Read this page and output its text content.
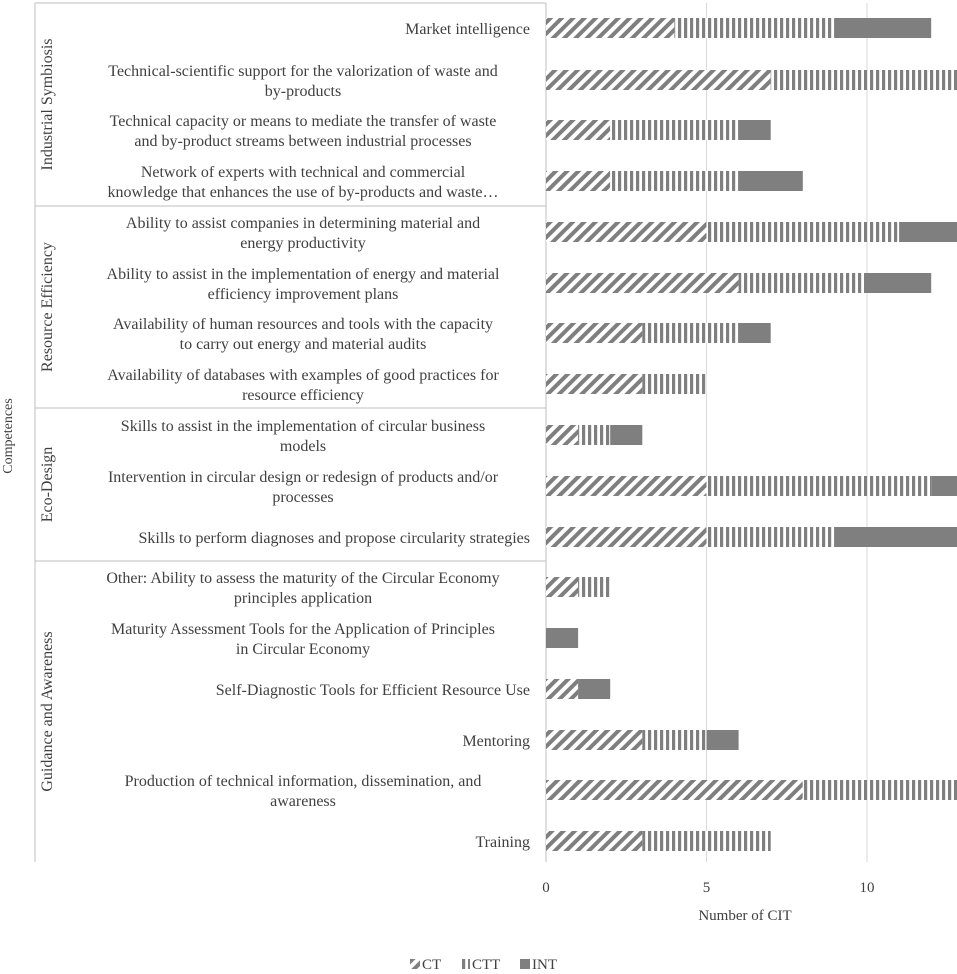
Market intelligence
Technical-scientific support for the valorization of waste and by-products
Technical capacity or means to mediate the transfer of waste and by-product streams between industrial processes
Network of experts with technical and commercial knowledge that enhances the use of by-products and waste…
Ability to assist companies in determining material and energy productivity
Ability to assist in the implementation of energy and material efficiency improvement plans
Availability of human resources and tools with the capacity to carry out energy and material audits
Availability of databases with examples of good practices for resource efficiency
Skills to assist in the implementation of circular business models
Intervention in circular design or redesign of products and/or processes
Skills to perform diagnoses and propose circularity strategies
Other: Ability to assess the maturity of the Circular Economy principles application
Maturity Assessment Tools for the Application of Principles in Circular Economy
Self-Diagnostic Tools for Efficient Resource Use
Mentoring
Production of technical information, dissemination, and awareness
Training
Industrial Symbiosis
Resource Efficiency
Eco-Design
Guidance and Awareness
0	5	10
Number of CIT
Competences
CT CTT INT
